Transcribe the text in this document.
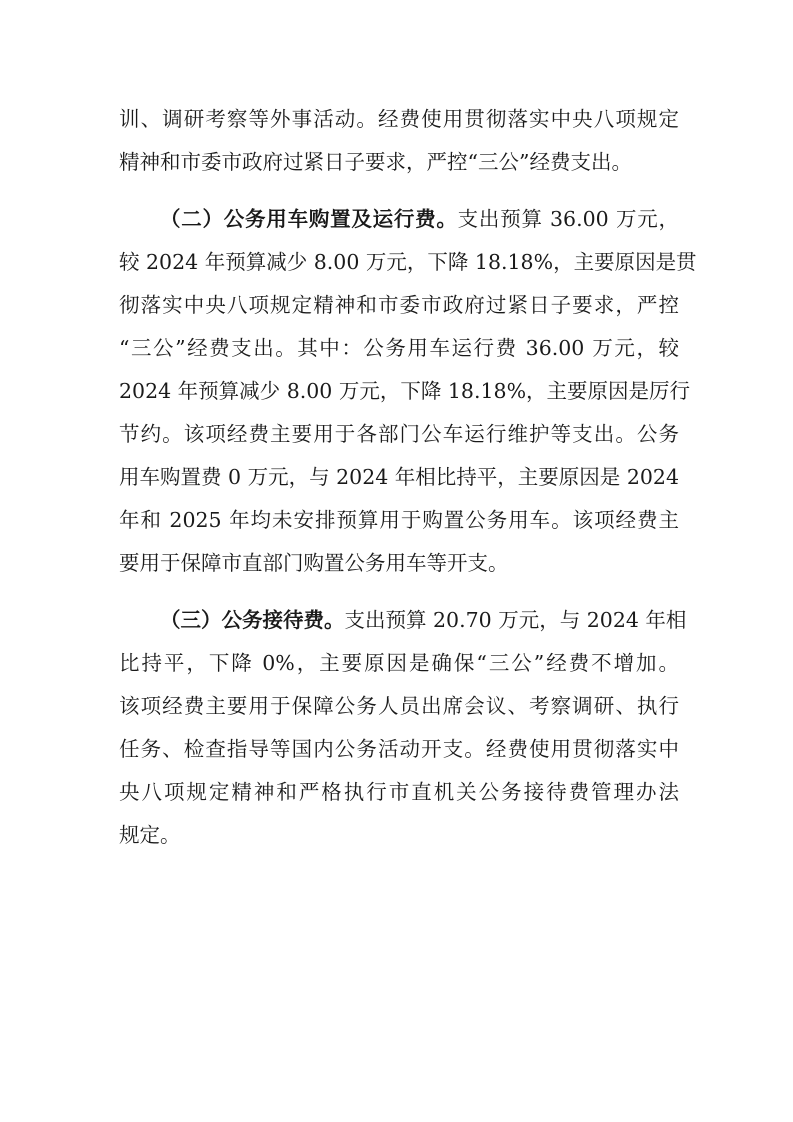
训、调研考察等外事活动。经费使用贯彻落实中央八项规定
精神和市委市政府过紧日子要求，严控“三公”经费支出。
（二）公务用车购置及运行费。支出预算 36.00 万元，
较 2024 年预算减少 8.00 万元，下降 18.18%，主要原因是贯
彻落实中央八项规定精神和市委市政府过紧日子要求，严控
“三公”经费支出。其中：公务用车运行费 36.00 万元，较
2024 年预算减少 8.00 万元，下降 18.18%，主要原因是厉行
节约。该项经费主要用于各部门公车运行维护等支出。公务
用车购置费 0 万元，与 2024 年相比持平，主要原因是 2024
年和 2025 年均未安排预算用于购置公务用车。该项经费主
要用于保障市直部门购置公务用车等开支。
（三）公务接待费。支出预算 20.70 万元，与 2024 年相
比持平，下降 0%，主要原因是确保“三公”经费不增加。
该项经费主要用于保障公务人员出席会议、考察调研、执行
任务、检查指导等国内公务活动开支。经费使用贯彻落实中
央八项规定精神和严格执行市直机关公务接待费管理办法
规定。
